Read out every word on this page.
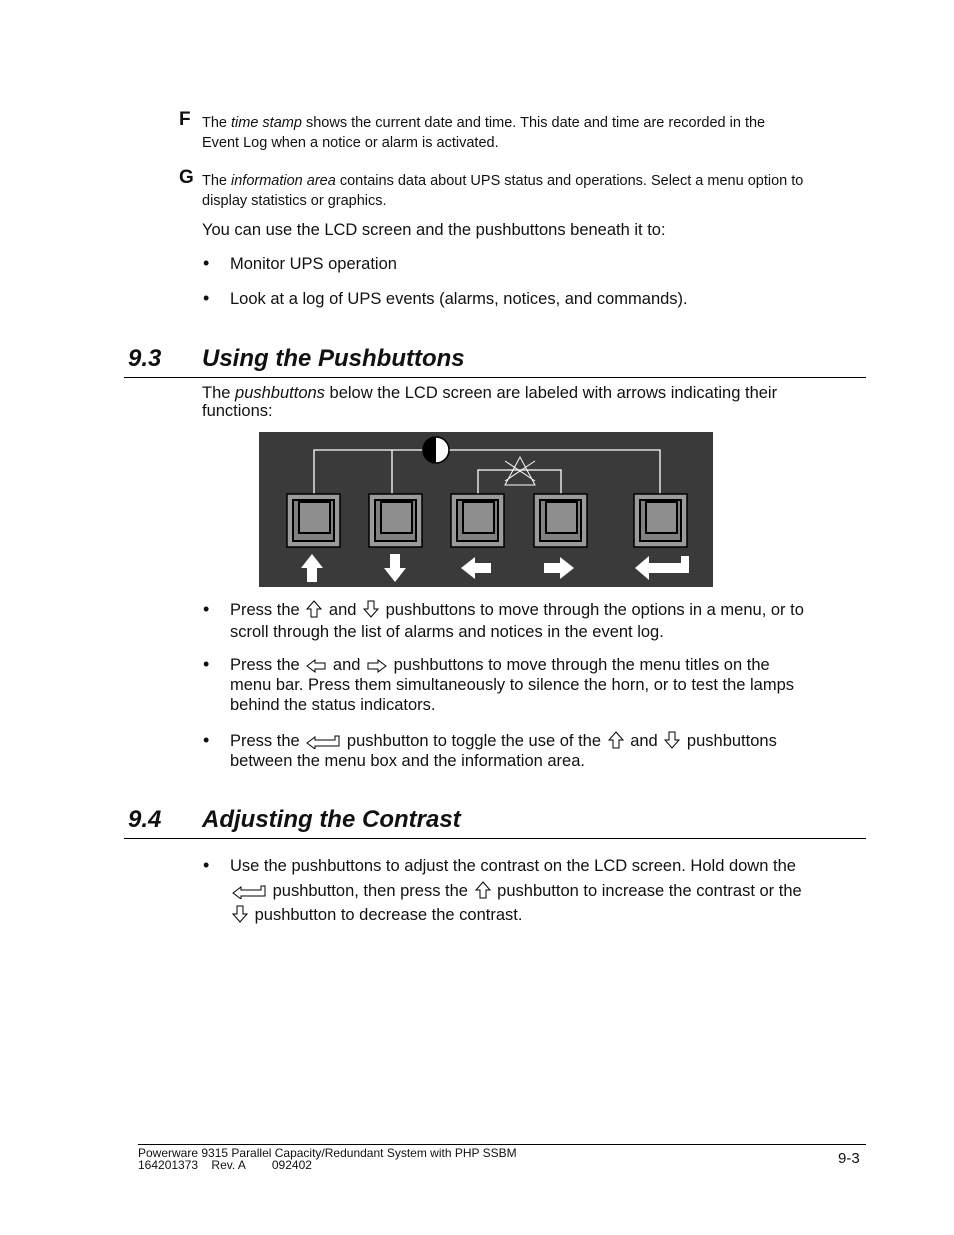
F The time stamp shows the current date and time. This date and time are recorded in the
Event Log when a notice or alarm is activated.
G The information area contains data about UPS status and operations. Select a menu option to
display statistics or graphics.
You can use the LCD screen and the pushbuttons beneath it to:
• Monitor UPS operation
• Look at a log of UPS events (alarms, notices, and commands).
9.3 Using the Pushbuttons
The pushbuttons below the LCD screen are labeled with arrows indicating their
functions:
• Press the and pushbuttons to move through the options in a menu, or to
scroll through the list of alarms and notices in the event log.
• Press the and pushbuttons to move through the menu titles on the
menu bar. Press them simultaneously to silence the horn, or to test the lamps
behind the status indicators.
• Press the	pushbutton to toggle the use of the and pushbuttons
between the menu box and the information area.
9.4 Adjusting the Contrast
• Use the pushbuttons to adjust the contrast on the LCD screen. Hold down the
pushbutton, then press the pushbutton to increase the contrast or the
pushbutton to decrease the contrast.
Powerware 9315 Parallel Capacity/Redundant System with PHP SSBM
164201373    Rev. A        092402	9-3
